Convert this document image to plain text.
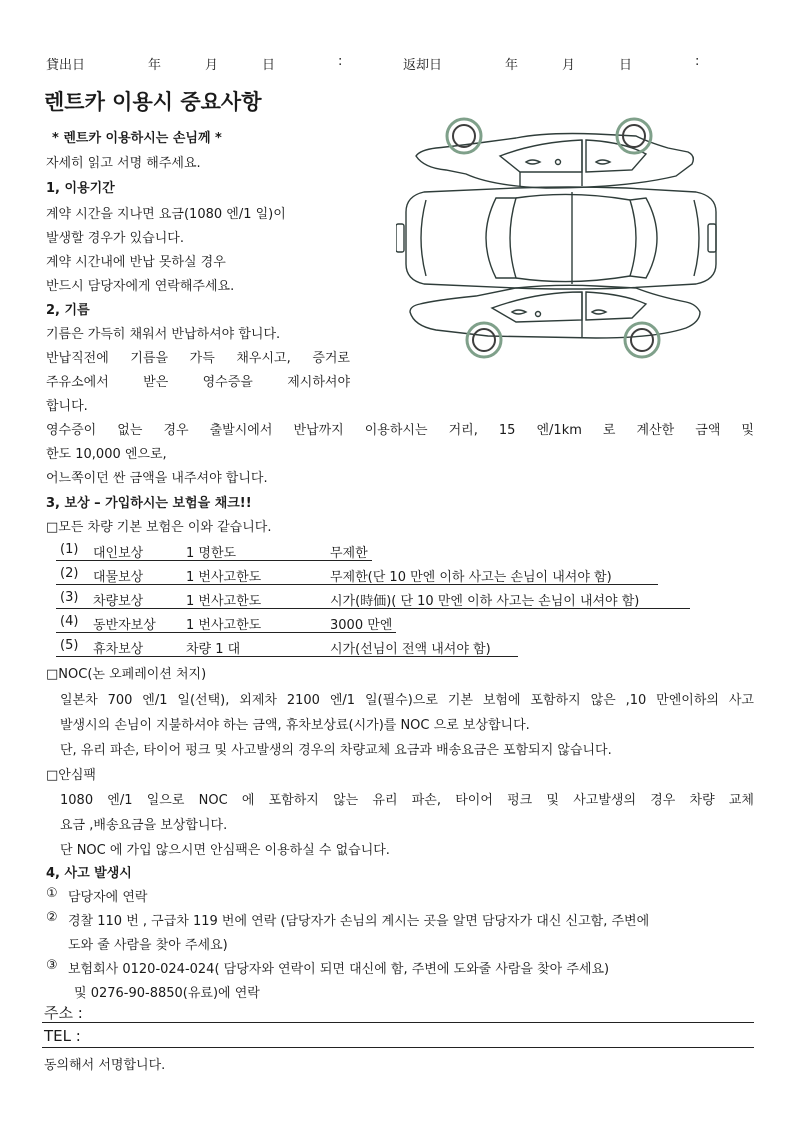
貸出日	年	月	日	:	返却日	年	月	日	:
렌트카 이용시 중요사항
* 렌트카 이용하시는 손님께 *
자세히 읽고 서명 해주세요.
1, 이용기간
계약 시간을 지나면 요금(1080 엔/1 일)이
발생할 경우가 있습니다.
계약 시간내에 반납 못하실 경우
반드시 담당자에게 연락해주세요.
2, 기름
기름은 가득히 채워서 반납하셔야 합니다.
반납직전에 기름을 가득 채우시고, 증거로
주유소에서 받은 영수증을 제시하셔야
합니다.
영수증이 없는 경우 출발시에서 반납까지 이용하시는 거리, 15 엔/1km 로 계산한 금액 및
한도 10,000 엔으로,
어느쪽이던 싼 금액을 내주셔야 합니다.
3, 보상 – 가입하시는 보험을 채크!!
□모든 차량 기본 보험은 이와 같습니다.
(1) 대인보상	1 명한도	무제한
(2) 대물보상	1 번사고한도	무제한(단 10 만엔 이하 사고는 손님이 내셔야 함)
(3) 차량보상	1 번사고한도	시가(時価)( 단 10 만엔 이하 사고는 손님이 내셔야 함)
(4) 동반자보상 1 번사고한도	3000 만엔
(5) 휴차보상	차량 1 대	시가(선님이 전액 내셔야 함)
□NOC(논 오페레이션 처지)
일본차 700 엔/1 일(선택), 외제차 2100 엔/1 일(필수)으로 기본 보험에 포함하지 않은 ,10 만엔이하의 사고
발생시의 손님이 지불하셔야 하는 금액, 휴차보상료(시가)를 NOC 으로 보상합니다.
단, 유리 파손, 타이어 펑크 및 사고발생의 경우의 차량교체 요금과 배송요금은 포함되지 않습니다.
□안심팩
1080 엔/1 일으로 NOC 에 포함하지 않는 유리 파손, 타이어 펑크 및 사고발생의 경우 차량 교체
요금 ,배송요금을 보상합니다.
단 NOC 에 가입 않으시면 안심팩은 이용하실 수 없습니다.
4, 사고 발생시
① 담당자에 연락
② 경찰 110 번 , 구급차 119 번에 연락 (담당자가 손님의 계시는 곳을 알면 담당자가 대신 신고함, 주변에
도와 줄 사람을 찾아 주세요)
③ 보험회사 0120-024-024( 담당자와 연락이 되면 대신에 함, 주변에 도와줄 사람을 찾아 주세요)
및 0276-90-8850(유료)에 연락
주소 :
TEL :
동의해서 서명합니다.
